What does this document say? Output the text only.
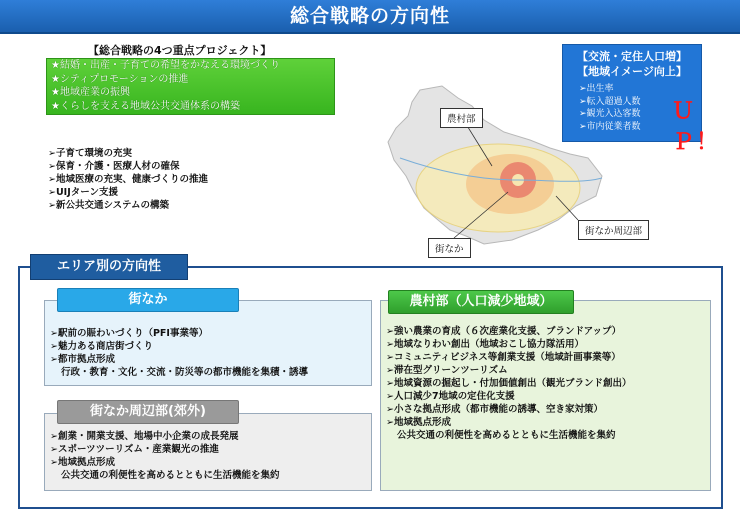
総合戦略の方向性
【総合戦略の4つ重点プロジェクト】
★結婚・出産・子育ての希望をかなえる環境づくり
★シティプロモーションの推進
★地域産業の振興
★くらしを支える地域公共交通体系の構築
➢子育て環境の充実
➢保育・介護・医療人材の確保
➢地域医療の充実、健康づくりの推進
➢UIJターン支援
➢新公共交通システムの構築
農村部
街なか
街なか周辺部
【交流・定住人口増】
【地域イメージ向上】
➢出生率
➢転入超過人数
➢観光入込客数
➢市内従業者数
ＵＰ！
エリア別の方向性
街なか
➢駅前の賑わいづくり（PFI事業等）
➢魅力ある商店街づくり
➢都市拠点形成
行政・教育・文化・交流・防災等の都市機能を集積・誘導
街なか周辺部(郊外)
➢創業・開業支援、地場中小企業の成長発展
➢スポーツツーリズム・産業観光の推進
➢地域拠点形成
公共交通の利便性を高めるとともに生活機能を集約
農村部（人口減少地域）
➢強い農業の育成（６次産業化支援、ブランドアップ）
➢地域なりわい創出（地域おこし協力隊活用）
➢コミュニティビジネス等創業支援（地域計画事業等）
➢滞在型グリーンツーリズム
➢地域資源の掘起し・付加価値創出（観光ブランド創出）
➢人口減少7地域の定住化支援
➢小さな拠点形成（都市機能の誘導、空き家対策）
➢地域拠点形成
公共交通の利便性を高めるとともに生活機能を集約
